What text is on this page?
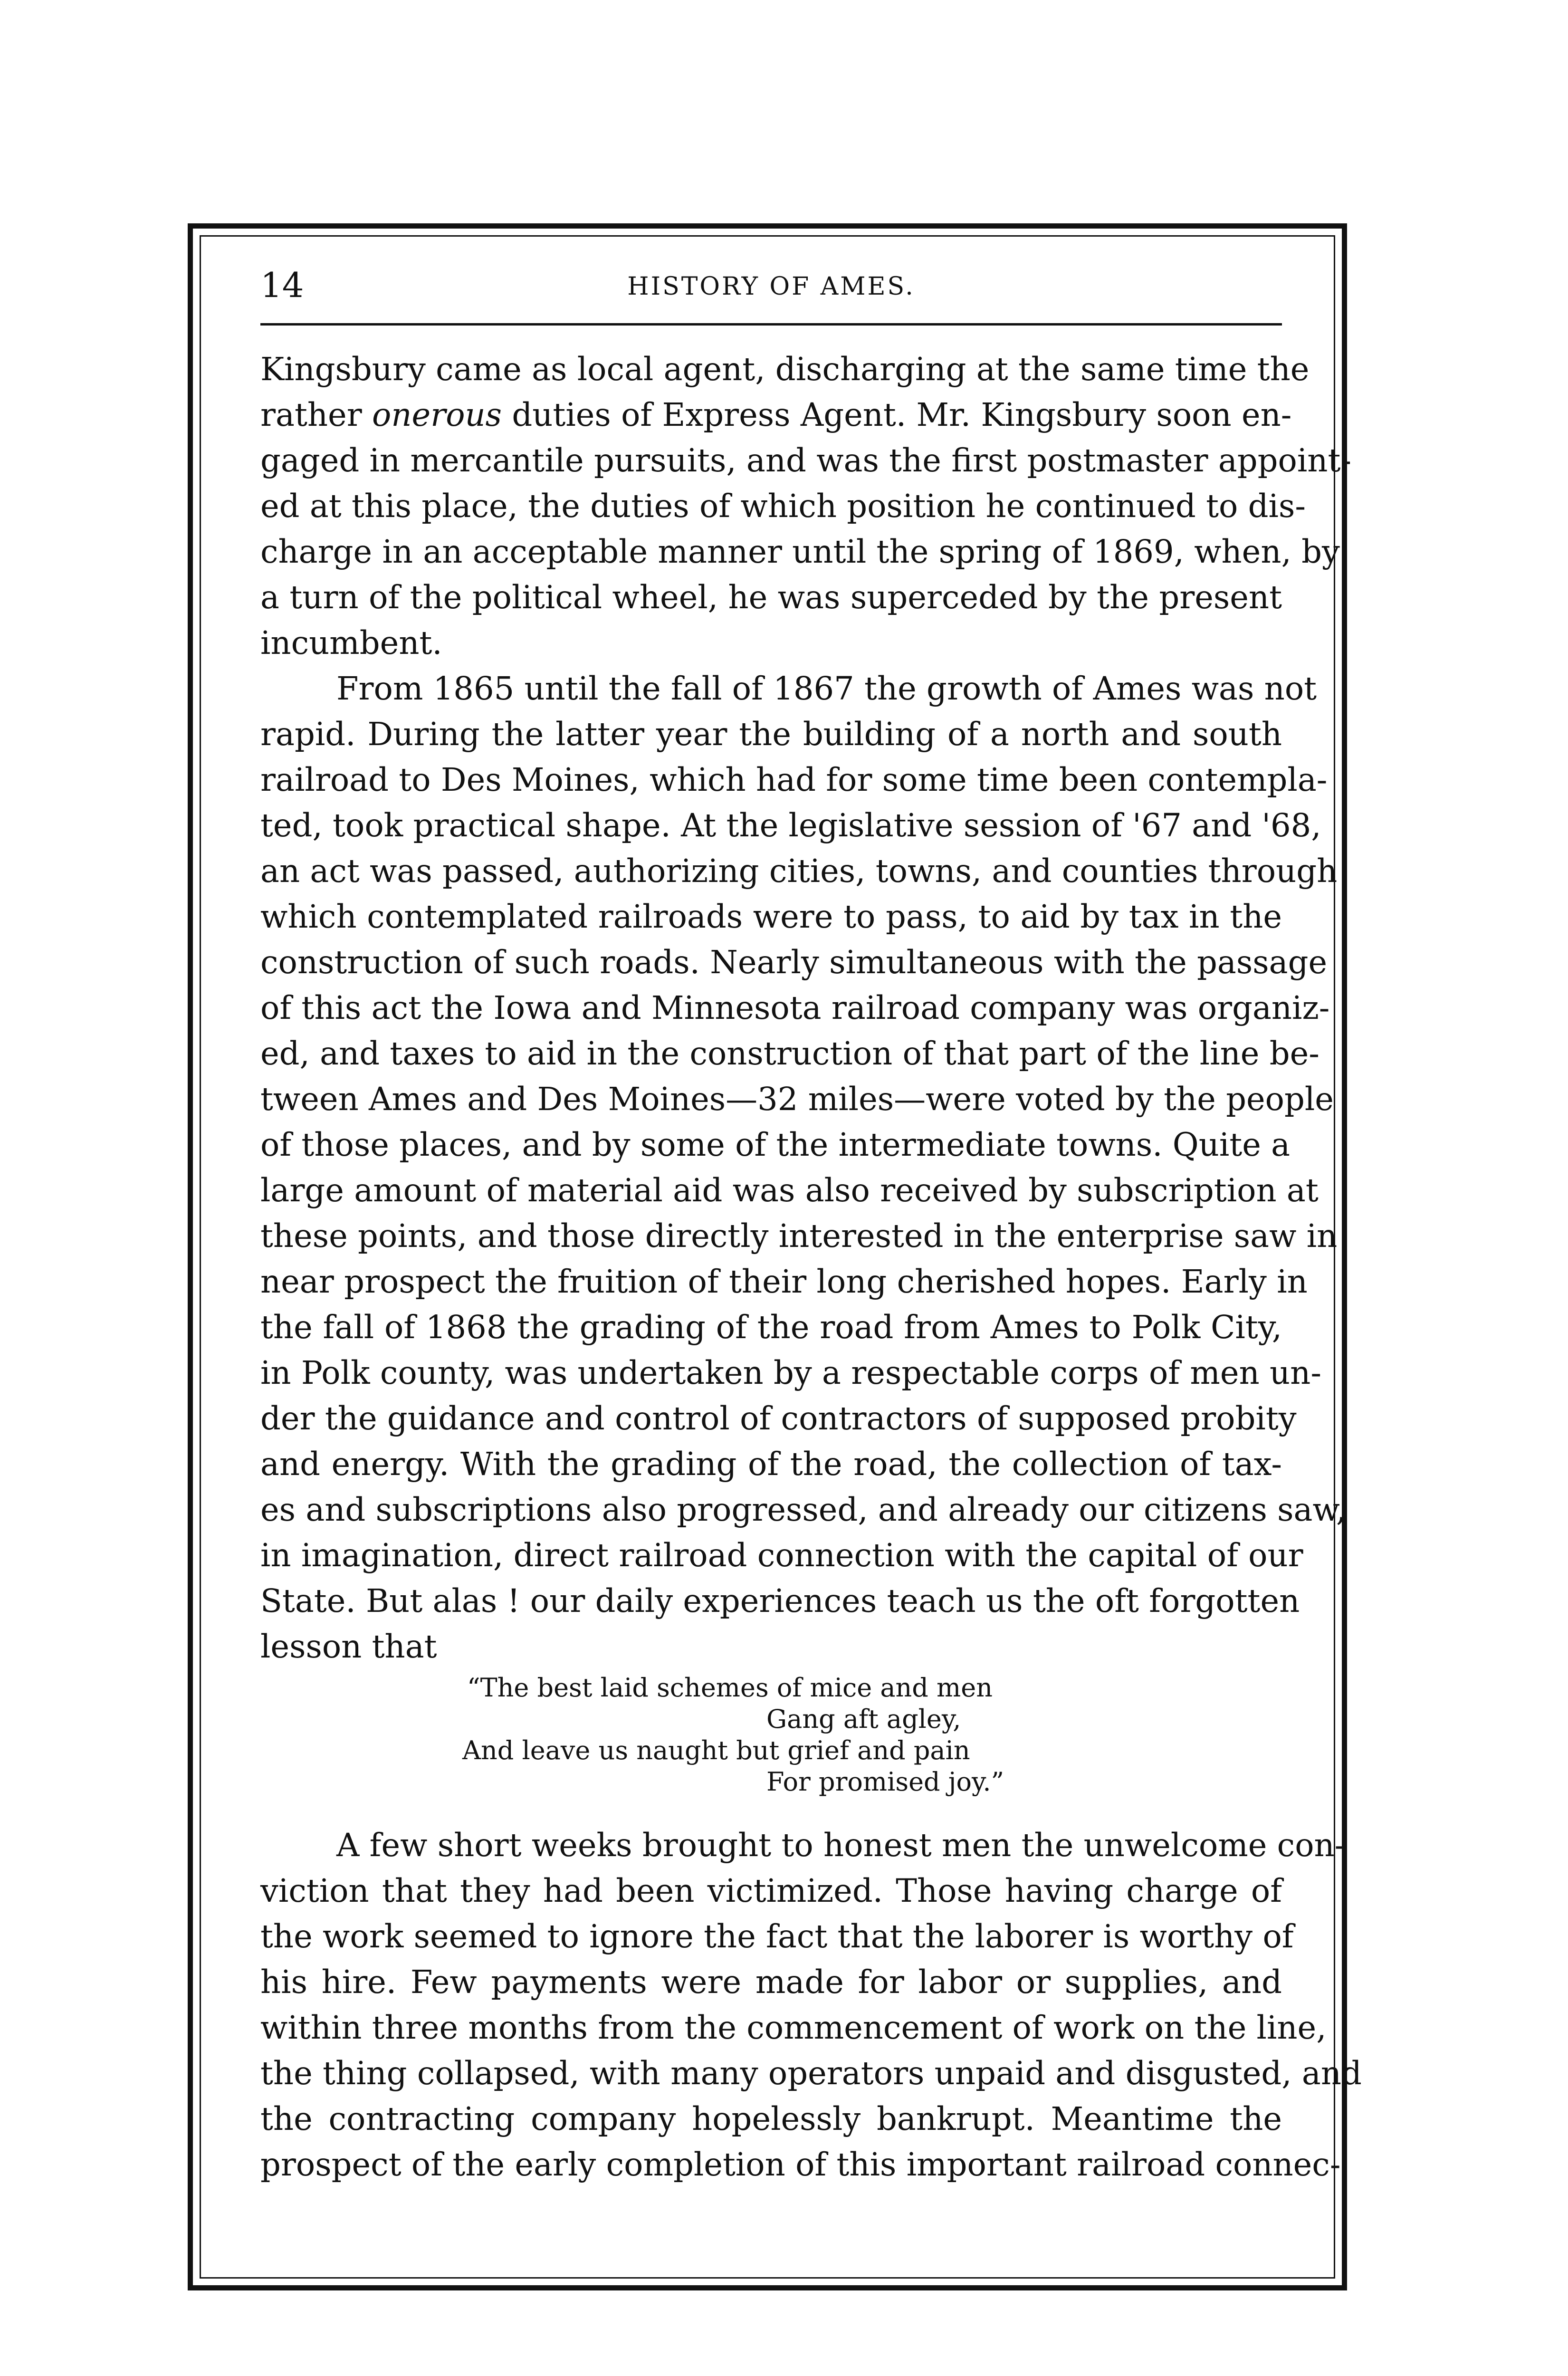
14	HISTORY OF AMES.

Kingsbury came as local agent, discharging at the same time the
rather onerous duties of Express Agent. Mr. Kingsbury soon en-
gaged in mercantile pursuits, and was the first postmaster appoint-
ed at this place, the duties of which position he continued to dis-
charge in an acceptable manner until the spring of 1869, when, by
a turn of the political wheel, he was superceded by the present
incumbent.

From 1865 until the fall of 1867 the growth of Ames was not
rapid. During the latter year the building of a north and south
railroad to Des Moines, which had for some time been contempla-
ted, took practical shape. At the legislative session of '67 and '68,
an act was passed, authorizing cities, towns, and counties through
which contemplated railroads were to pass, to aid by tax in the
construction of such roads. Nearly simultaneous with the passage
of this act the Iowa and Minnesota railroad company was organiz-
ed, and taxes to aid in the construction of that part of the line be-
tween Ames and Des Moines—32 miles—were voted by the people
of those places, and by some of the intermediate towns. Quite a
large amount of material aid was also received by subscription at
these points, and those directly interested in the enterprise saw in
near prospect the fruition of their long cherished hopes. Early in
the fall of 1868 the grading of the road from Ames to Polk City,
in Polk county, was undertaken by a respectable corps of men un-
der the guidance and control of contractors of supposed probity
and energy. With the grading of the road, the collection of tax-
es and subscriptions also progressed, and already our citizens saw,
in imagination, direct railroad connection with the capital of our
State. But alas ! our daily experiences teach us the oft forgotten
lesson that

“The best laid schemes of mice and men
Gang aft agley,
And leave us naught but grief and pain
For promised joy.”

A few short weeks brought to honest men the unwelcome con-
viction that they had been victimized. Those having charge of
the work seemed to ignore the fact that the laborer is worthy of
his hire. Few payments were made for labor or supplies, and
within three months from the commencement of work on the line,
the thing collapsed, with many operators unpaid and disgusted, and
the contracting company hopelessly bankrupt. Meantime the
prospect of the early completion of this important railroad connec-
